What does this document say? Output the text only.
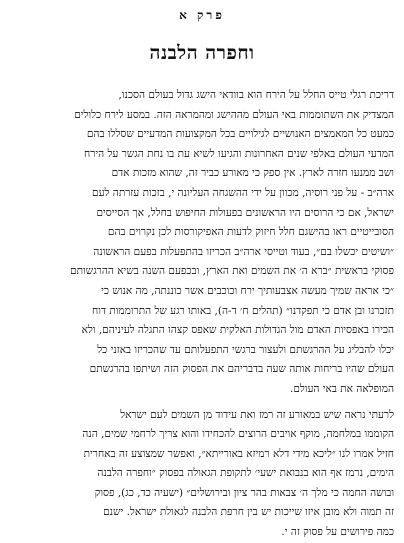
פרק א
וחפרה הלבנה
דריכת רגלי טייס החלל על הירח הוא בוודאי הישג גדול בעולם הסכנו,
המצדיק את השתוממות באי העולם מההישג ומהמראה הזה. במסע לירח כלולים
כמעט כל המאמצים האנושיים לגילויים בכל המקצועות המדעיים שסללו בהם
המדעי העולם באלפי שנים האחרונות והגיעו לשיא עת בו נחת הגשר על הירח
ושב ממנעו חזרה לארץ. אין ספק כי מאורע כביר זה, שהוא מזכות אדם
ארה״ב - על פני רוסיה, מכוון על ידי ההשגחה העליונה י, בזכות עזרתה לעם
ישראל, אם כי הרוסים היו הראשונים בפעולות החיפוש בחלל, אך הסייסים
הסובייטיים ראו בהישגם חלל חיזוק לדעות האפיקורסות לכן נקרוים בהם
״ושיטים יכשלו בם״, בעוד וטייסי ארה״ב הכריזו בהתפעלות בפעם הראשונה
פסוקי בראשית ״ברא ה׳ את השמים ואת הארץ, ובכפעם השנה בשיא ההרגשותם
״כי אראה שמיך מעשה אצבעותיך ירח וכוכבים אשר כוננתה, מה אנוש כי
תזכרנו ובן אדם כי תפקדנו״ (תהלים ח׳ ד-ה), באותו רגע של התרוממות דוח
הכירו באפסיות האדם מול הגדולות האלקית שאפס קצהו התגלה לעיניהם, ולא
יכלו להבליג על ההרגשתם ולעצור ברגשי התפעלותם עד שהכריזו באזני כל
העולם שהיו בריחות אותה שעה בדבריהם את הפסוק הזה ושיתפו בהרגשתם
המופלאה את באי העולם.
לרעתי נראה שיש במאורע זה רמז ואת עידוד מן השמים לעם ישראל
הקוממו במלחמה, מוקף אויבים הרוצים להכחידו והוא צריך לרחמי שמים, הנה
חזיל אמרו לנו ״ליכא מידי דלא רמיזא באורייתא״, ואפשר שמצוצע זה באחרית
הימים, נרמז אף הוא בנבואת ישעי׳ לתקופת הגאולה בפסוק ״וחפרה הלבנה
ובושה החמה כי מלך ה׳ צבאות בהר ציון ובירושלים״ (ישעיה כד, כג), פסוק
זה תמוה ולא מובן איזו שייכות יש בין חרפת הלבנה לגאולת ישראל. ישנם
כמה פירושים על פסוק זה י.
